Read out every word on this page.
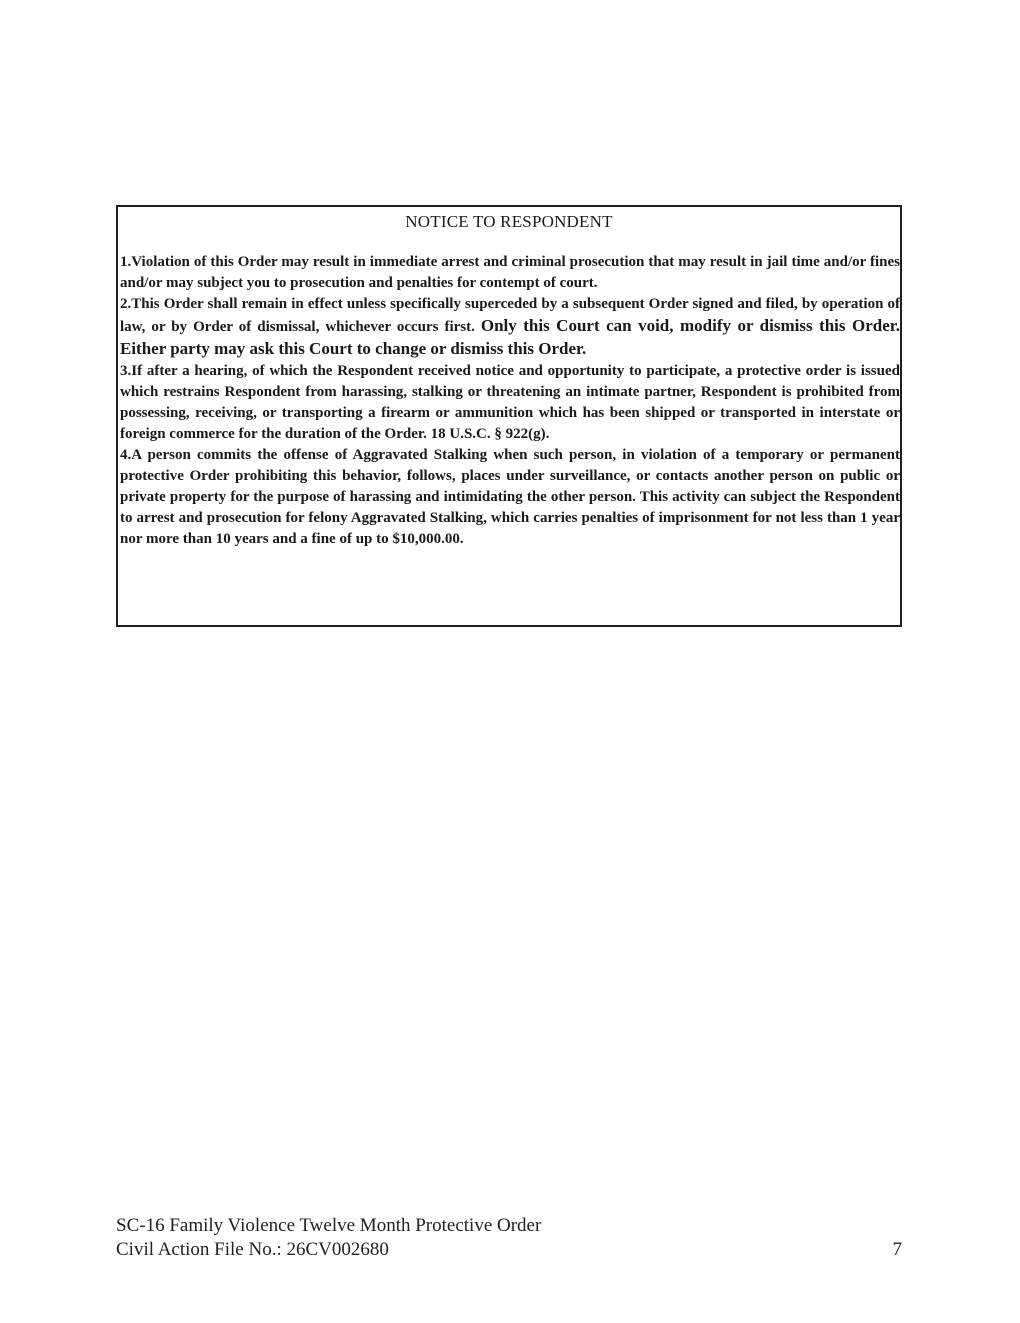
NOTICE TO RESPONDENT

1.Violation of this Order may result in immediate arrest and criminal prosecution that may result in jail time and/or fines and/or may subject you to prosecution and penalties for contempt of court.

2.This Order shall remain in effect unless specifically superceded by a subsequent Order signed and filed, by operation of law, or by Order of dismissal, whichever occurs first. Only this Court can void, modify or dismiss this Order. Either party may ask this Court to change or dismiss this Order.

3.If after a hearing, of which the Respondent received notice and opportunity to participate, a protective order is issued which restrains Respondent from harassing, stalking or threatening an intimate partner, Respondent is prohibited from possessing, receiving, or transporting a firearm or ammunition which has been shipped or transported in interstate or foreign commerce for the duration of the Order. 18 U.S.C. § 922(g).

4.A person commits the offense of Aggravated Stalking when such person, in violation of a temporary or permanent protective Order prohibiting this behavior, follows, places under surveillance, or contacts another person on public or private property for the purpose of harassing and intimidating the other person. This activity can subject the Respondent to arrest and prosecution for felony Aggravated Stalking, which carries penalties of imprisonment for not less than 1 year nor more than 10 years and a fine of up to $10,000.00.

SC-16 Family Violence Twelve Month Protective Order
Civil Action File No.: 26CV002680	7
